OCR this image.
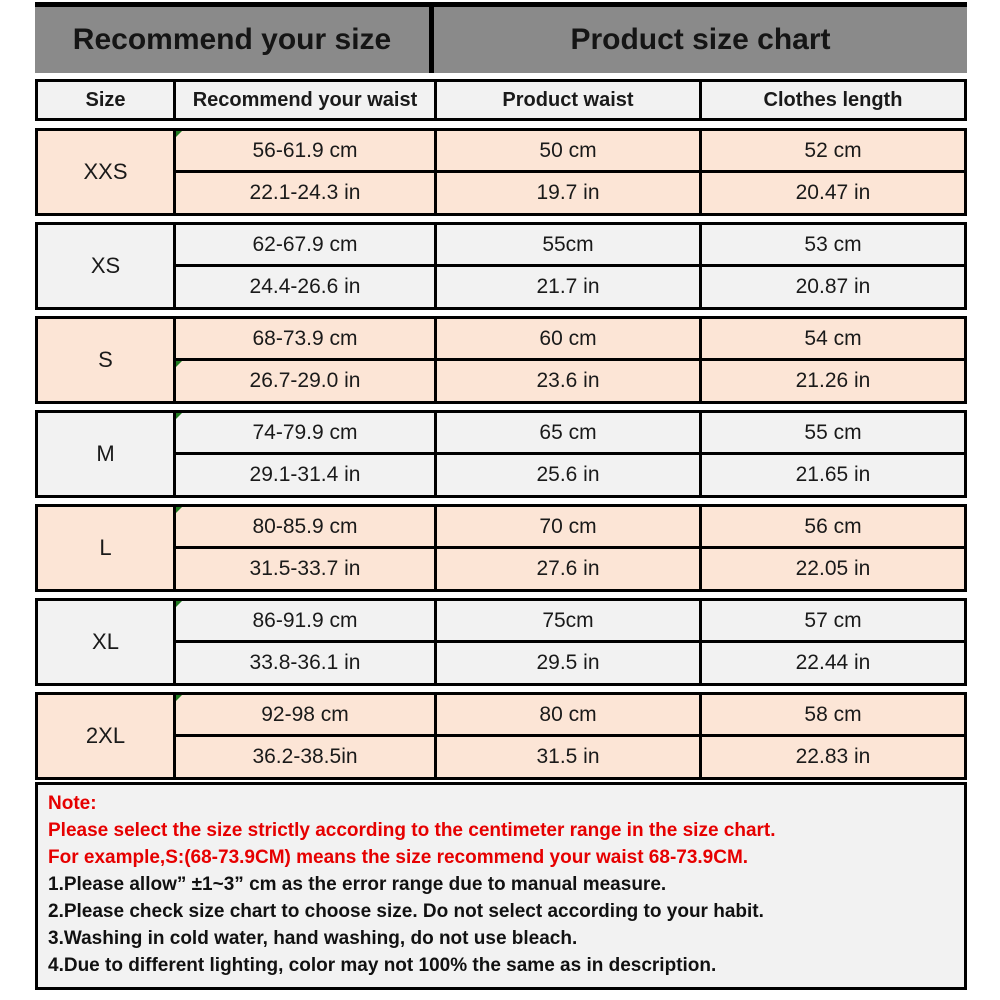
Recommend your size	Product size chart
Size	Recommend your waist	Product waist	Clothes length
XXS
56-61.9 cm	50 cm	52 cm
22.1-24.3 in	19.7 in	20.47 in
XS
62-67.9 cm	55cm	53 cm
24.4-26.6 in	21.7 in	20.87 in
S
68-73.9 cm	60 cm	54 cm
26.7-29.0 in	23.6 in	21.26 in
M
74-79.9 cm	65 cm	55 cm
29.1-31.4 in	25.6 in	21.65 in
L
80-85.9 cm	70 cm	56 cm
31.5-33.7 in	27.6 in	22.05 in
XL
86-91.9 cm	75cm	57 cm
33.8-36.1 in	29.5 in	22.44 in
2XL
92-98 cm	80 cm	58 cm
36.2-38.5in	31.5 in	22.83 in

Note:

Please select the size strictly according to the centimeter range in the size chart.

For example,S:(68-73.9CM) means the size recommend your waist 68-73.9CM.

1.Please allow” ±1~3” cm as the error range due to manual measure.

2.Please check size chart to choose size. Do not select according to your habit.

3.Washing in cold water, hand washing, do not use bleach.

4.Due to different lighting, color may not 100% the same as in description.
